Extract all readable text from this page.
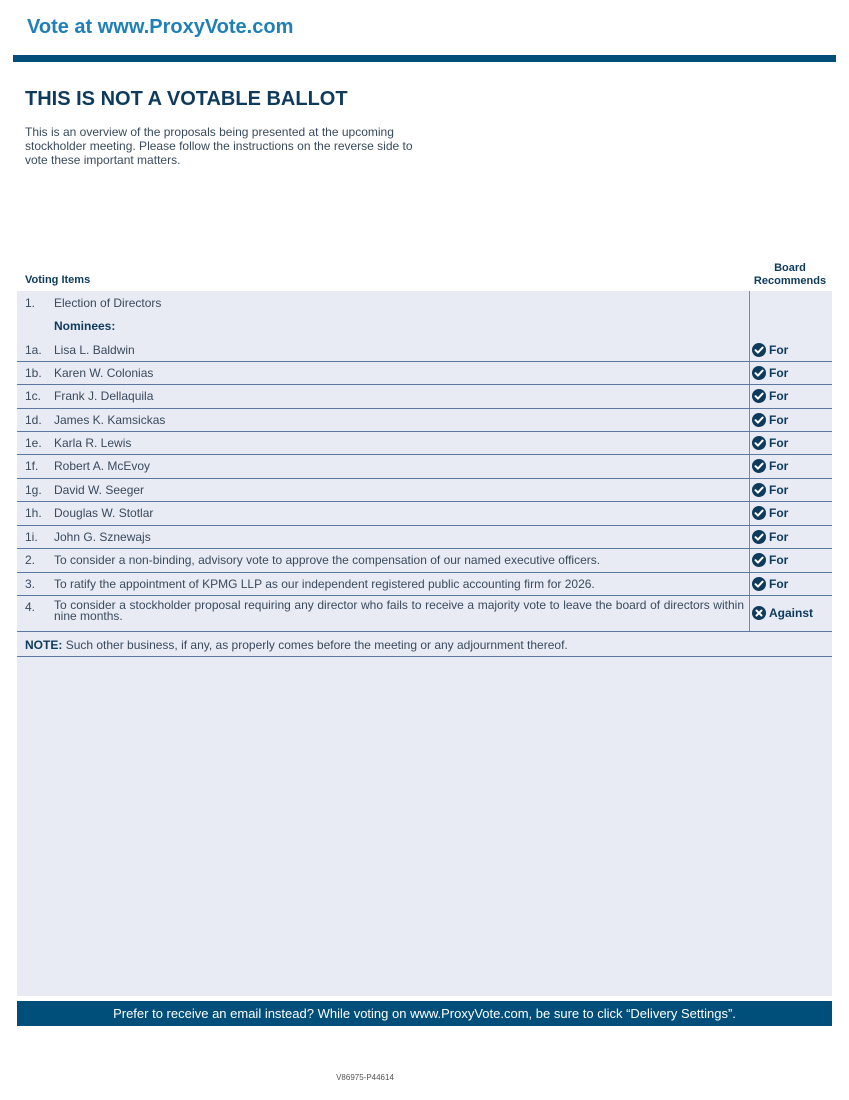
Vote at www.ProxyVote.com
THIS IS NOT A VOTABLE BALLOT
This is an overview of the proposals being presented at the upcoming stockholder meeting. Please follow the instructions on the reverse side to vote these important matters.
Voting Items
Board Recommends
1. Election of Directors
Nominees:
1a. Lisa L. Baldwin	For
1b. Karen W. Colonias	For
1c. Frank J. Dellaquila	For
1d. James K. Kamsickas	For
1e. Karla R. Lewis	For
1f. Robert A. McEvoy	For
1g. David W. Seeger	For
1h. Douglas W. Stotlar	For
1i. John G. Sznewajs	For
2. To consider a non-binding, advisory vote to approve the compensation of our named executive officers.	For
3. To ratify the appointment of KPMG LLP as our independent registered public accounting firm for 2026.	For
4. To consider a stockholder proposal requiring any director who fails to receive a majority vote to leave the board of directors within nine months.	Against
NOTE: Such other business, if any, as properly comes before the meeting or any adjournment thereof.
Prefer to receive an email instead? While voting on www.ProxyVote.com, be sure to click “Delivery Settings”.
V86975-P44614
